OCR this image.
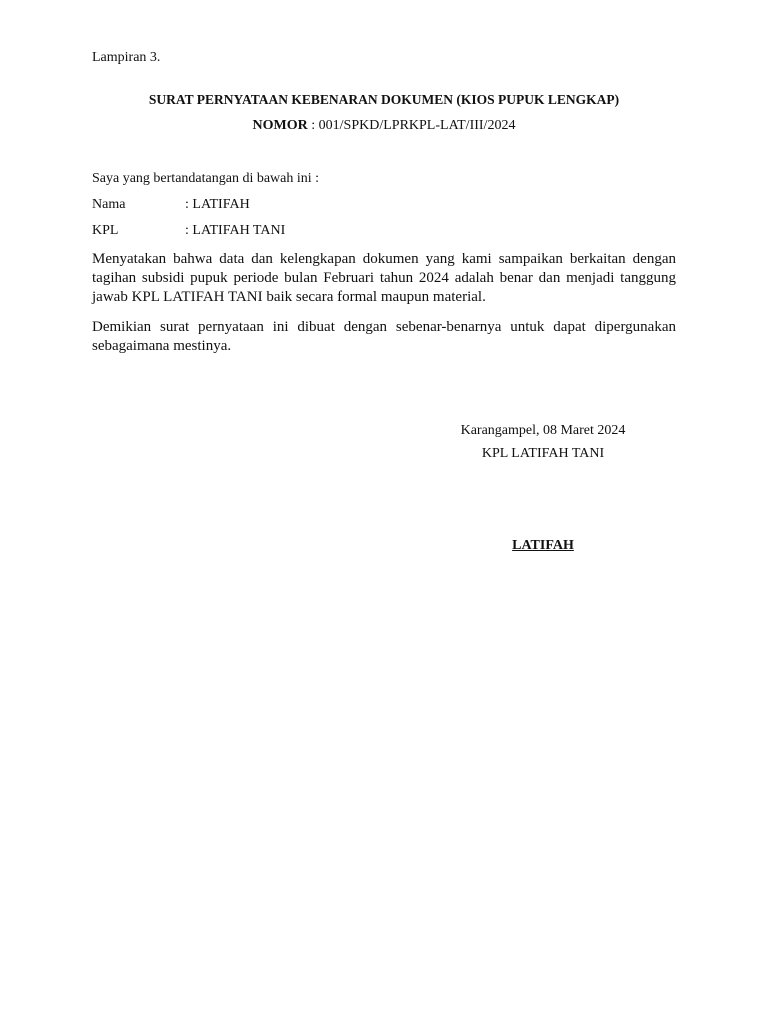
Lampiran 3.
SURAT PERNYATAAN KEBENARAN DOKUMEN (KIOS PUPUK LENGKAP)
NOMOR : 001/SPKD/LPRKPL-LAT/III/2024
Saya yang bertandatangan di bawah ini :
Nama	: LATIFAH
KPL	: LATIFAH TANI
Menyatakan bahwa data dan kelengkapan dokumen yang kami sampaikan berkaitan dengan tagihan subsidi pupuk periode bulan Februari tahun 2024 adalah benar dan menjadi tanggung jawab KPL LATIFAH TANI baik secara formal maupun material.
Demikian surat pernyataan ini dibuat dengan sebenar-benarnya untuk dapat dipergunakan sebagaimana mestinya.
Karangampel, 08 Maret 2024
KPL LATIFAH TANI
LATIFAH
